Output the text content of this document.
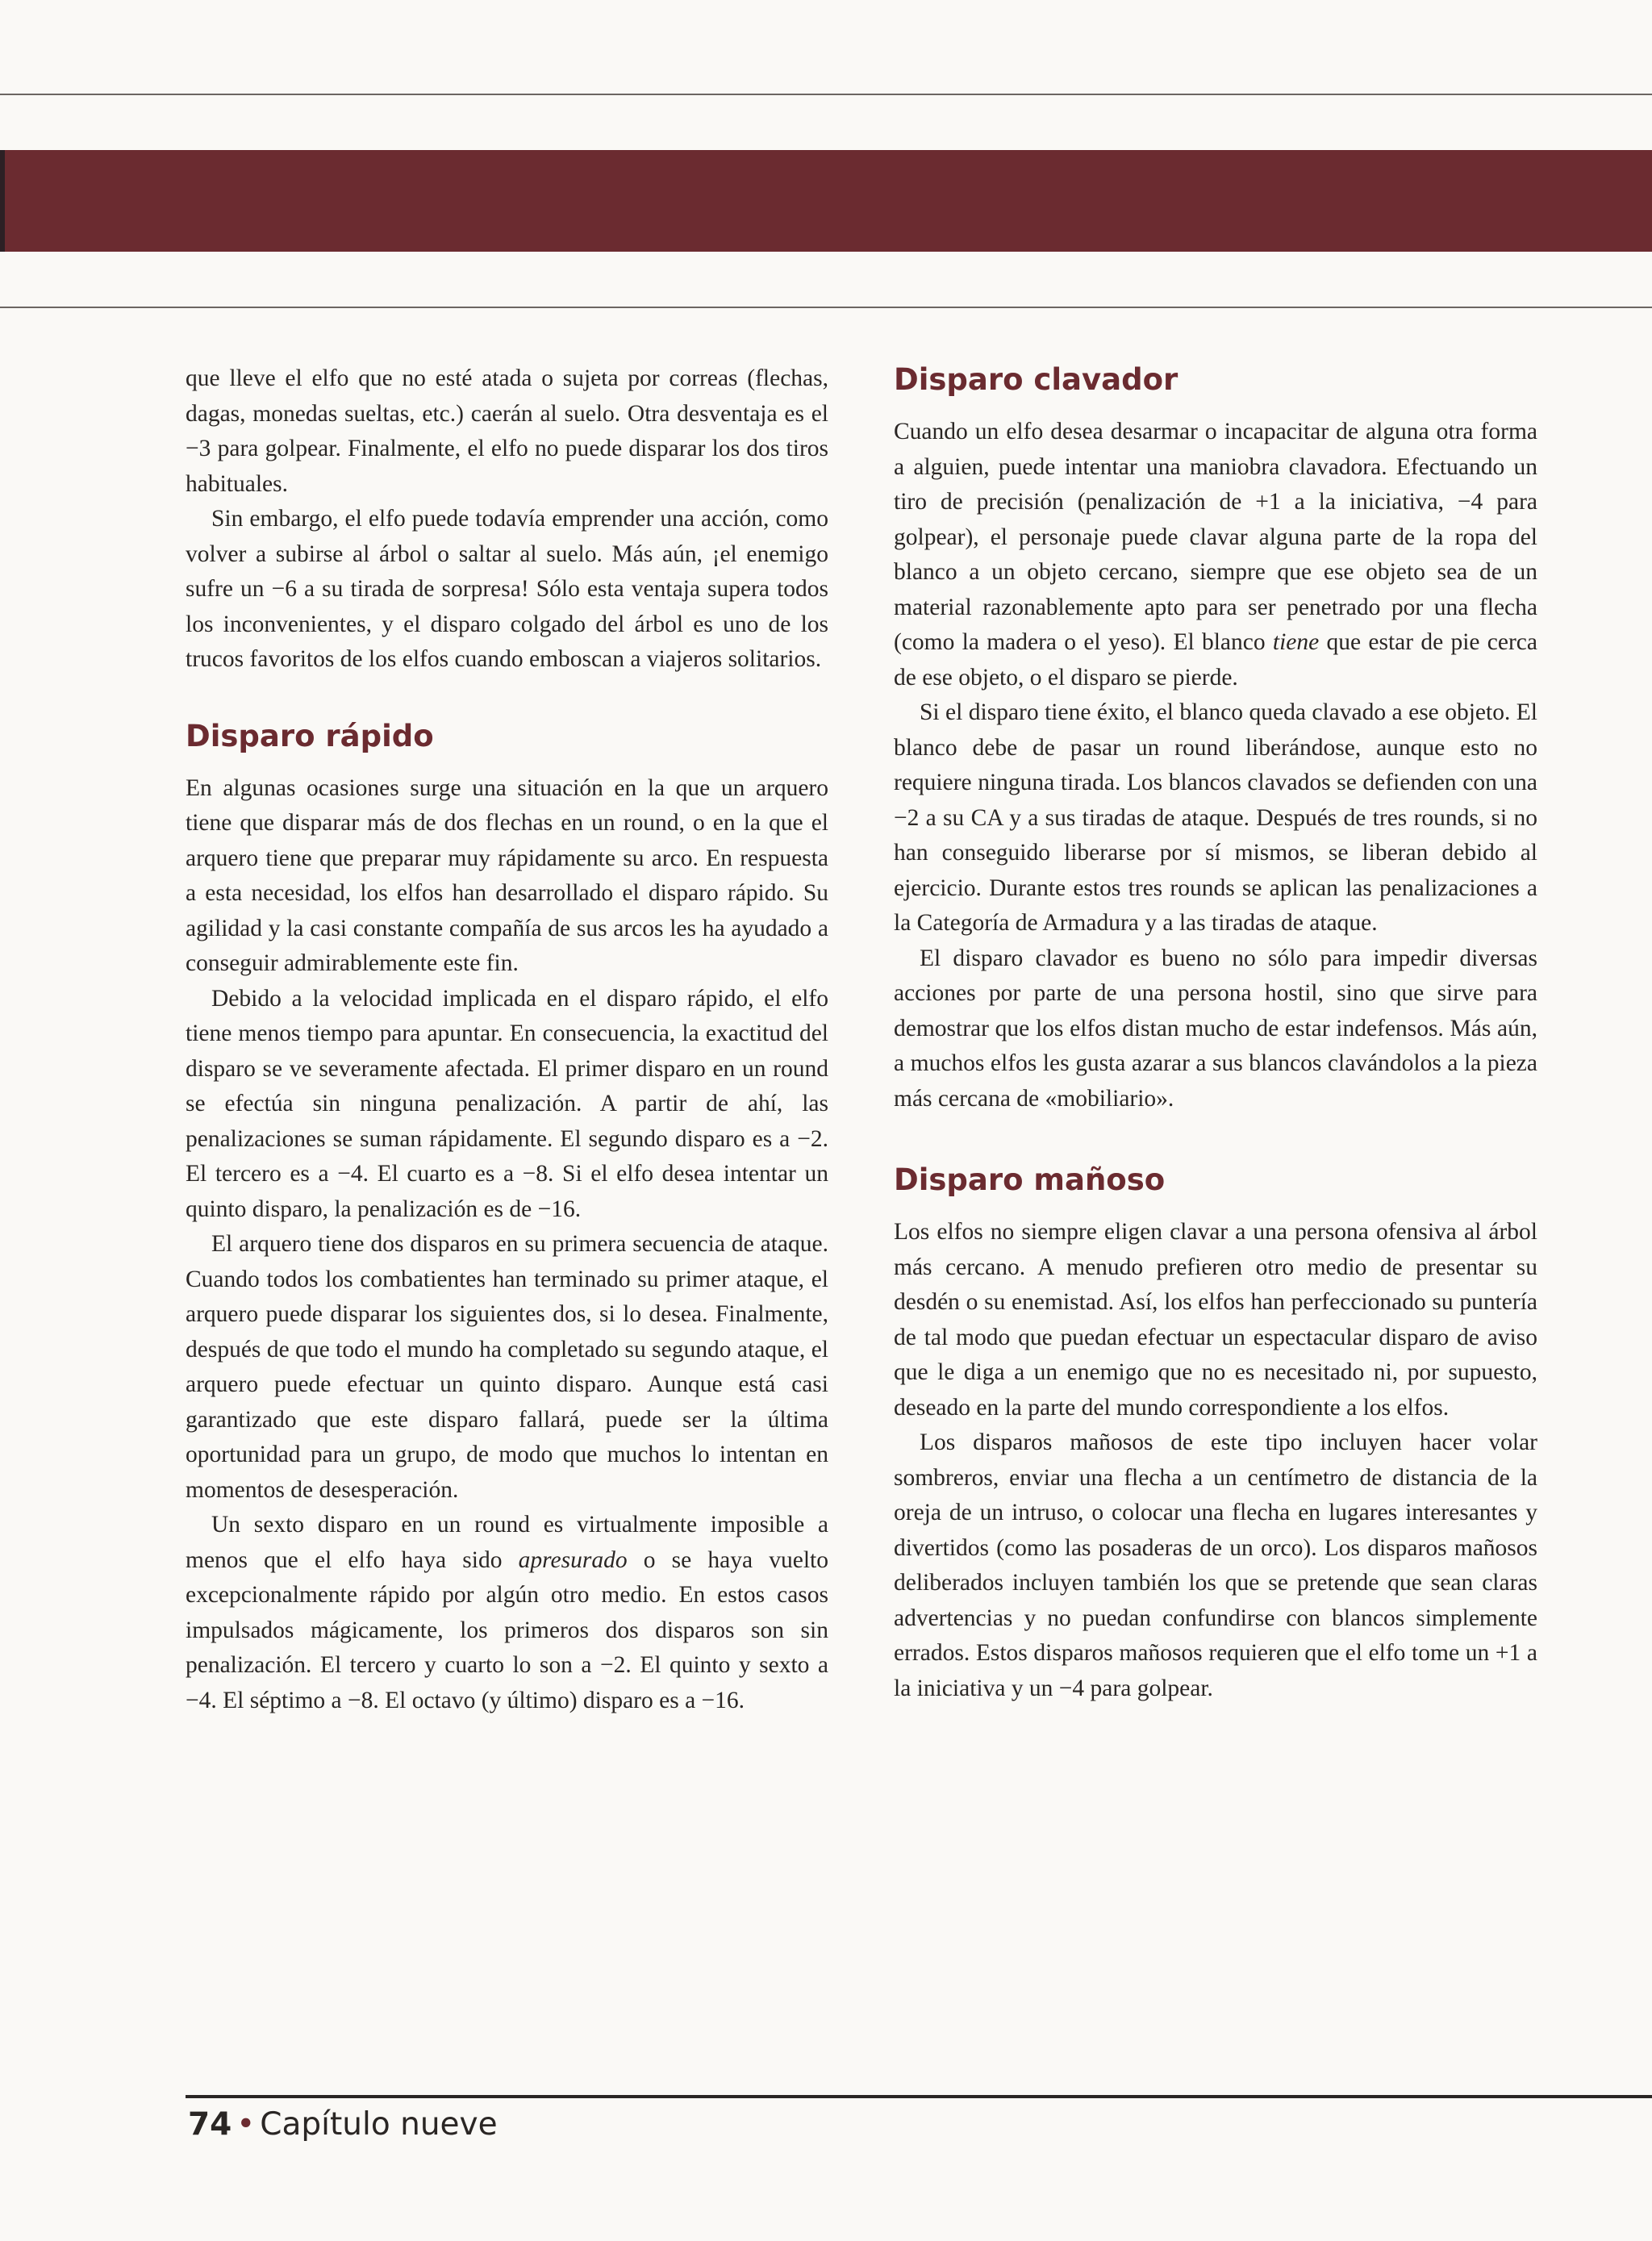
que lleve el elfo que no esté atada o sujeta por correas (flechas, dagas, monedas sueltas, etc.) caerán al suelo. Otra desventaja es el −3 para golpear. Finalmente, el elfo no puede disparar los dos tiros habituales.

Sin embargo, el elfo puede todavía emprender una acción, como volver a subirse al árbol o saltar al suelo. Más aún, ¡el enemigo sufre un −6 a su tirada de sorpresa! Sólo esta ventaja supera todos los inconvenientes, y el disparo colgado del árbol es uno de los trucos favoritos de los elfos cuando emboscan a viajeros solitarios.

Disparo rápido

En algunas ocasiones surge una situación en la que un arquero tiene que disparar más de dos flechas en un round, o en la que el arquero tiene que preparar muy rápidamente su arco. En respuesta a esta necesidad, los elfos han desarrollado el disparo rápido. Su agilidad y la casi constante compañía de sus arcos les ha ayudado a conseguir admirablemente este fin.

Debido a la velocidad implicada en el disparo rápido, el elfo tiene menos tiempo para apuntar. En consecuencia, la exactitud del disparo se ve severamente afectada. El primer disparo en un round se efectúa sin ninguna penalización. A partir de ahí, las penalizaciones se suman rápidamente. El segundo disparo es a −2. El tercero es a −4. El cuarto es a −8. Si el elfo desea intentar un quinto disparo, la penalización es de −16.

El arquero tiene dos disparos en su primera secuencia de ataque. Cuando todos los combatientes han terminado su primer ataque, el arquero puede disparar los siguientes dos, si lo desea. Finalmente, después de que todo el mundo ha completado su segundo ataque, el arquero puede efectuar un quinto disparo. Aunque está casi garantizado que este disparo fallará, puede ser la última oportunidad para un grupo, de modo que muchos lo intentan en momentos de desesperación.

Un sexto disparo en un round es virtualmente imposible a menos que el elfo haya sido apresurado o se haya vuelto excepcionalmente rápido por algún otro medio. En estos casos impulsados mágicamente, los primeros dos disparos son sin penalización. El tercero y cuarto lo son a −2. El quinto y sexto a −4. El séptimo a −8. El octavo (y último) disparo es a −16.

Disparo clavador

Cuando un elfo desea desarmar o incapacitar de alguna otra forma a alguien, puede intentar una maniobra clavadora. Efectuando un tiro de precisión (penalización de +1 a la iniciativa, −4 para golpear), el personaje puede clavar alguna parte de la ropa del blanco a un objeto cercano, siempre que ese objeto sea de un material razonablemente apto para ser penetrado por una flecha (como la madera o el yeso). El blanco tiene que estar de pie cerca de ese objeto, o el disparo se pierde.

Si el disparo tiene éxito, el blanco queda clavado a ese objeto. El blanco debe de pasar un round liberándose, aunque esto no requiere ninguna tirada. Los blancos clavados se defienden con una −2 a su CA y a sus tiradas de ataque. Después de tres rounds, si no han conseguido liberarse por sí mismos, se liberan debido al ejercicio. Durante estos tres rounds se aplican las penalizaciones a la Categoría de Armadura y a las tiradas de ataque.

El disparo clavador es bueno no sólo para impedir diversas acciones por parte de una persona hostil, sino que sirve para demostrar que los elfos distan mucho de estar indefensos. Más aún, a muchos elfos les gusta azarar a sus blancos clavándolos a la pieza más cercana de «mobiliario».

Disparo mañoso

Los elfos no siempre eligen clavar a una persona ofensiva al árbol más cercano. A menudo prefieren otro medio de presentar su desdén o su enemistad. Así, los elfos han perfeccionado su puntería de tal modo que puedan efectuar un espectacular disparo de aviso que le diga a un enemigo que no es necesitado ni, por supuesto, deseado en la parte del mundo correspondiente a los elfos.

Los disparos mañosos de este tipo incluyen hacer volar sombreros, enviar una flecha a un centímetro de distancia de la oreja de un intruso, o colocar una flecha en lugares interesantes y divertidos (como las posaderas de un orco). Los disparos mañosos deliberados incluyen también los que se pretende que sean claras advertencias y no puedan confundirse con blancos simplemente errados. Estos disparos mañosos requieren que el elfo tome un +1 a la iniciativa y un −4 para golpear.

74 • Capítulo nueve
